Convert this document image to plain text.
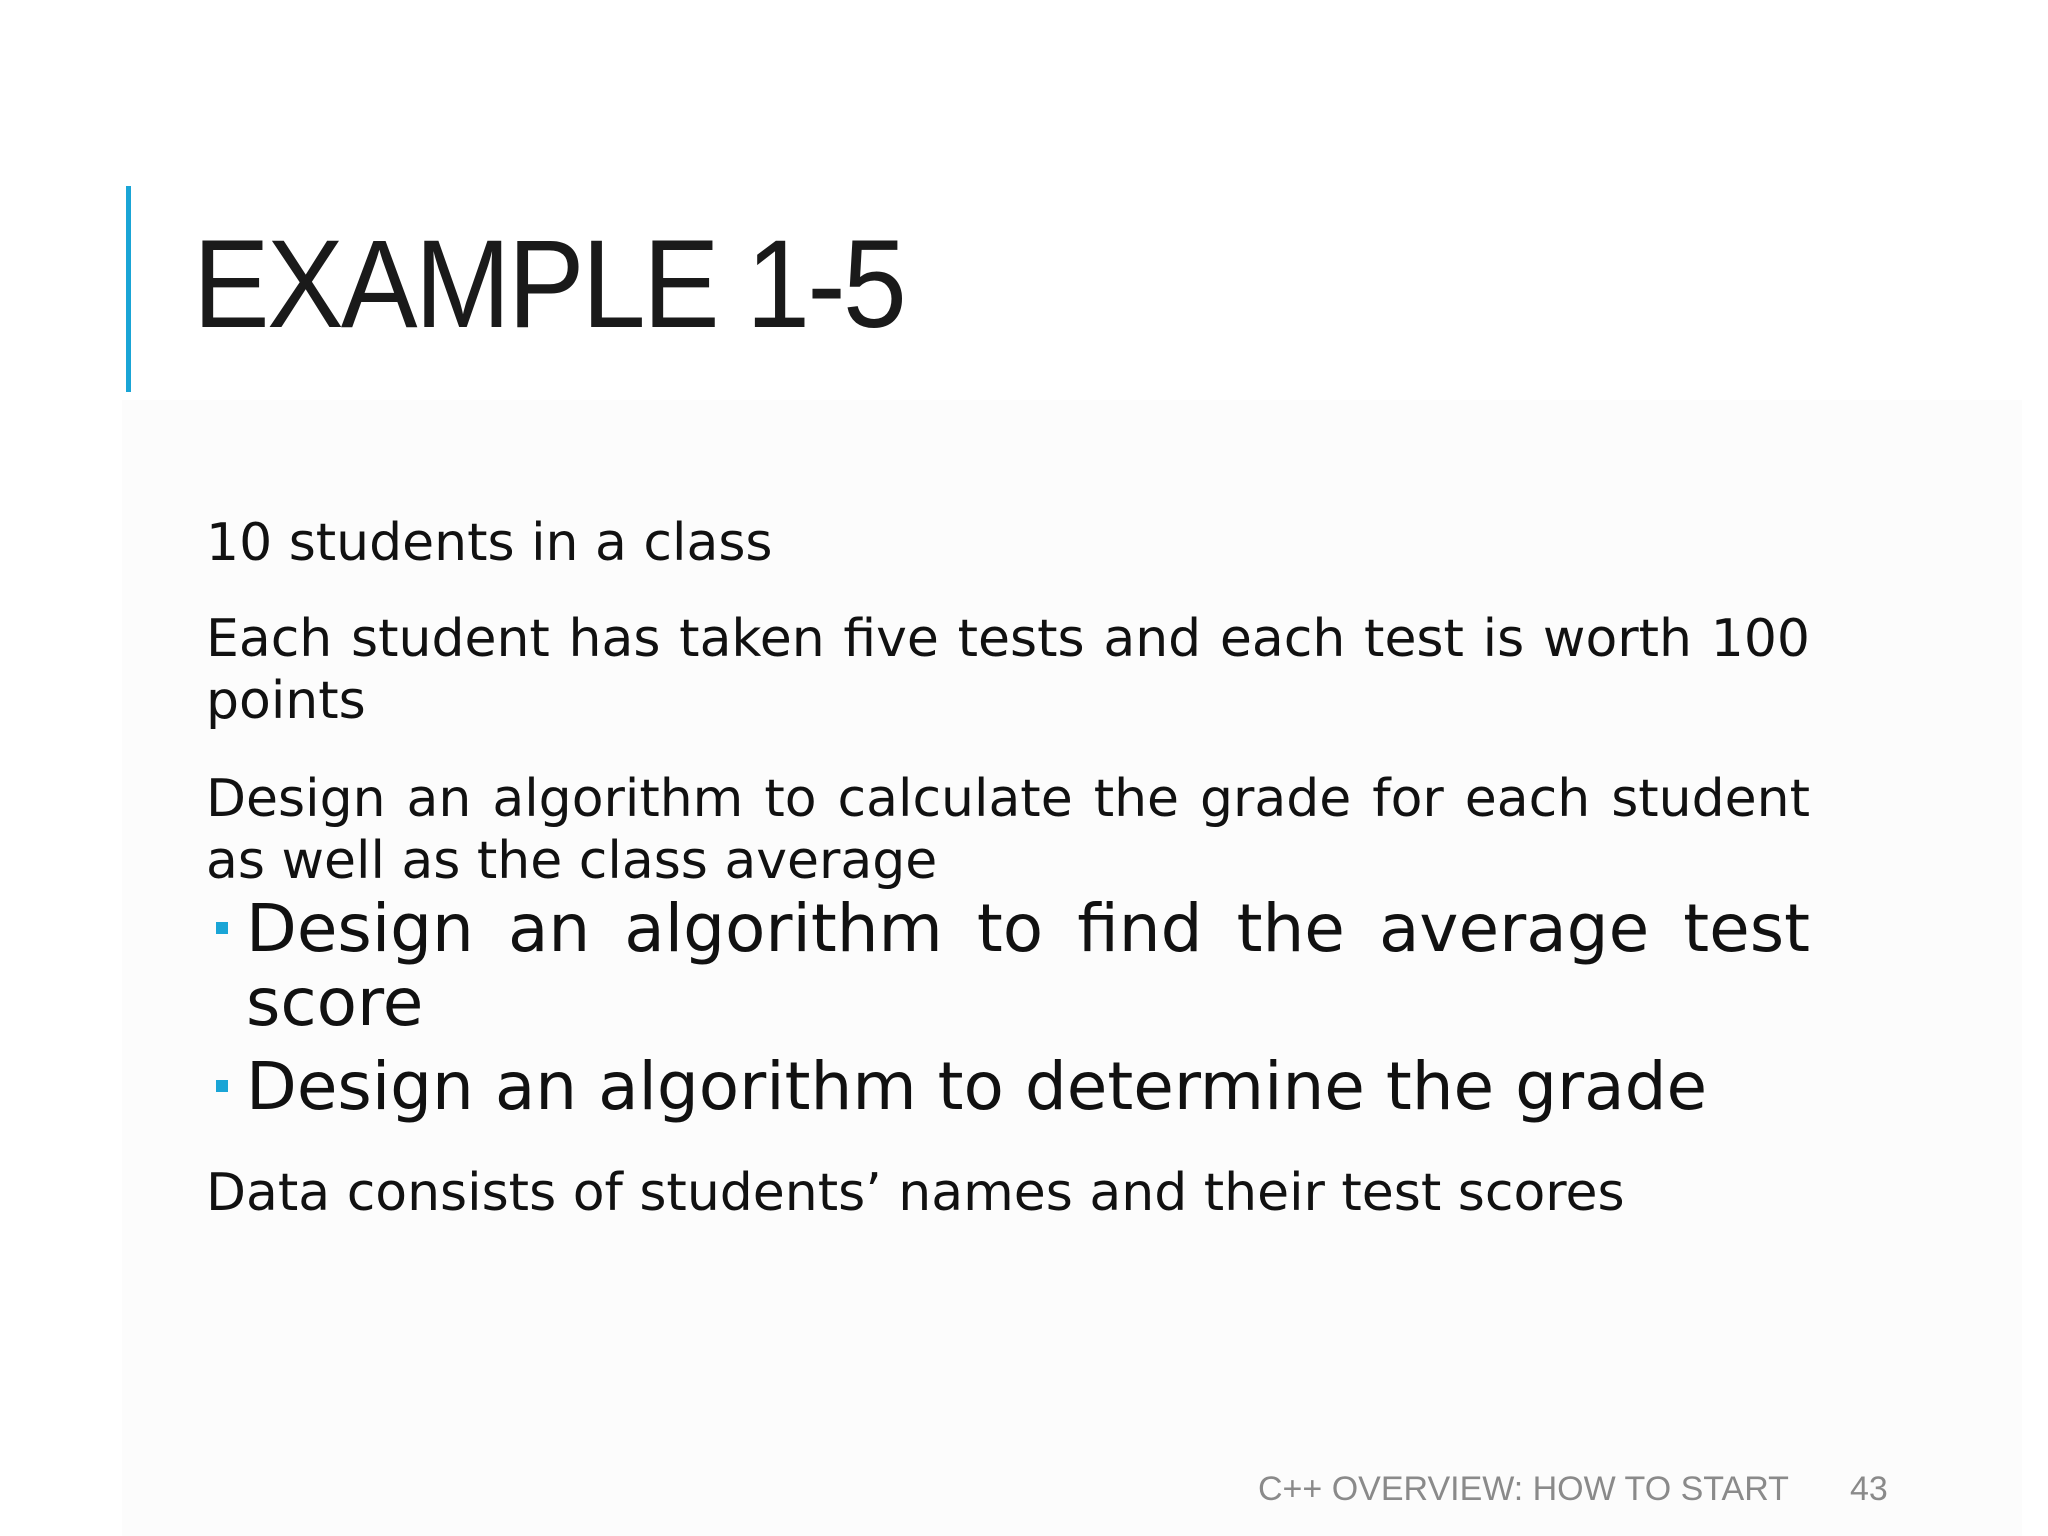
EXAMPLE 1-5

10 students in a class

Each student has taken five tests and each test is worth 100 points

Design an algorithm to calculate the grade for each student as well as the class average

Design an algorithm to find the average test score
Design an algorithm to determine the grade

Data consists of students’ names and their test scores

C++ OVERVIEW: HOW TO START 43
